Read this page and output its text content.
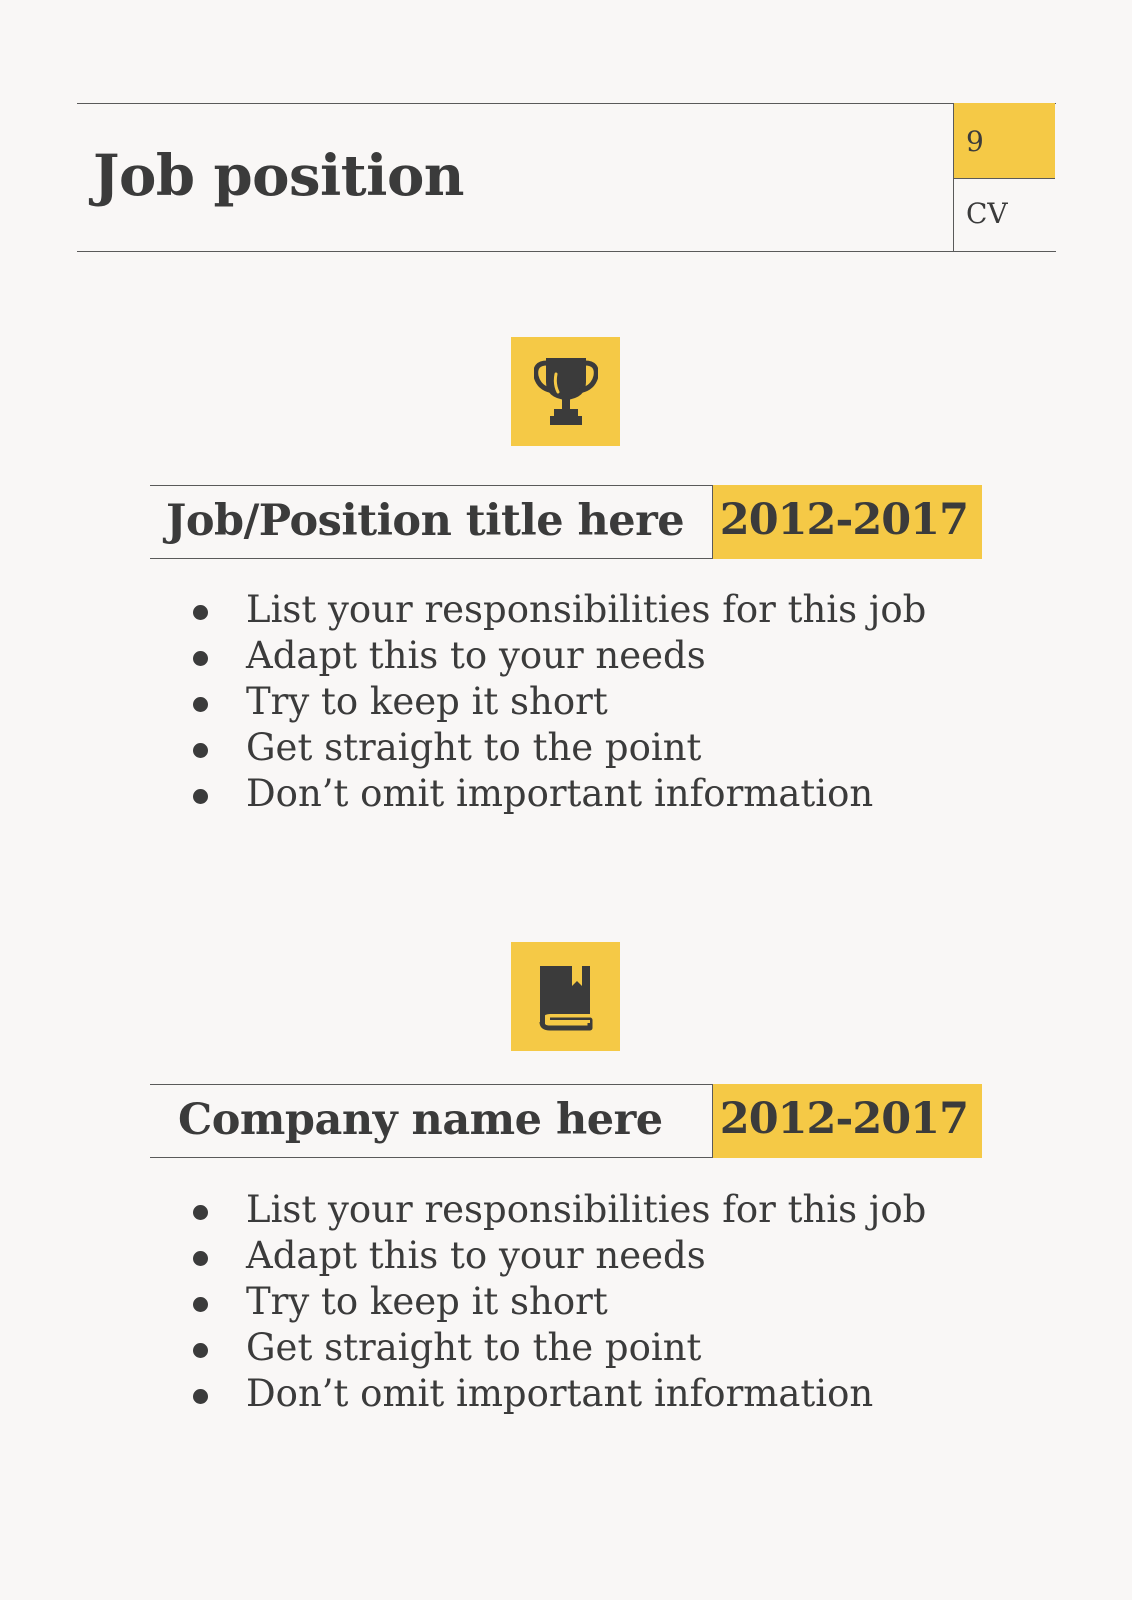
Job position
9
CV
Job/Position title here 2012-2017
List your responsibilities for this job
Adapt this to your needs
Try to keep it short
Get straight to the point
Don’t omit important information
Company name here 2012-2017
List your responsibilities for this job
Adapt this to your needs
Try to keep it short
Get straight to the point
Don’t omit important information
